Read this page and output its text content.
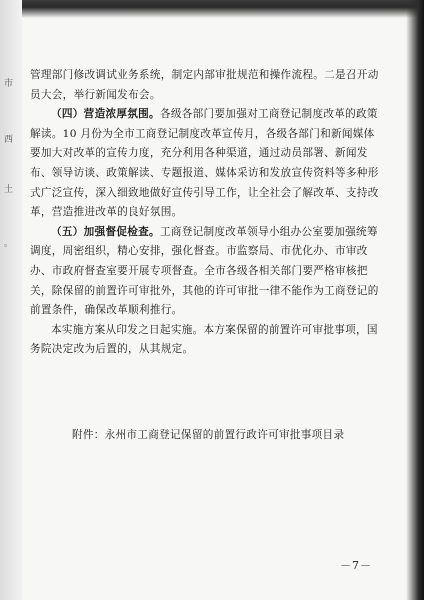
市
西
土
。

管理部门修改调试业务系统，制定内部审批规范和操作流程。二是召开动员大会，举行新闻发布会。

（四）营造浓厚氛围。各级各部门要加强对工商登记制度改革的政策解读。10 月份为全市工商登记制度改革宣传月，各级各部门和新闻媒体要加大对改革的宣传力度，充分利用各种渠道，通过动员部署、新闻发布、领导访谈、政策解读、专题报道、媒体采访和发放宣传资料等多种形式广泛宣传，深入细致地做好宣传引导工作，让全社会了解改革、支持改革，营造推进改革的良好氛围。

（五）加强督促检查。工商登记制度改革领导小组办公室要加强统筹调度，周密组织，精心安排，强化督查。市监察局、市优化办、市审改办、市政府督查室要开展专项督查。全市各级各相关部门要严格审核把关，除保留的前置许可审批外，其他的许可审批一律不能作为工商登记的前置条件，确保改革顺利推行。

本实施方案从印发之日起实施。本方案保留的前置许可审批事项，国务院决定改为后置的，从其规定。

附件：永州市工商登记保留的前置行政许可审批事项目录
－7－
